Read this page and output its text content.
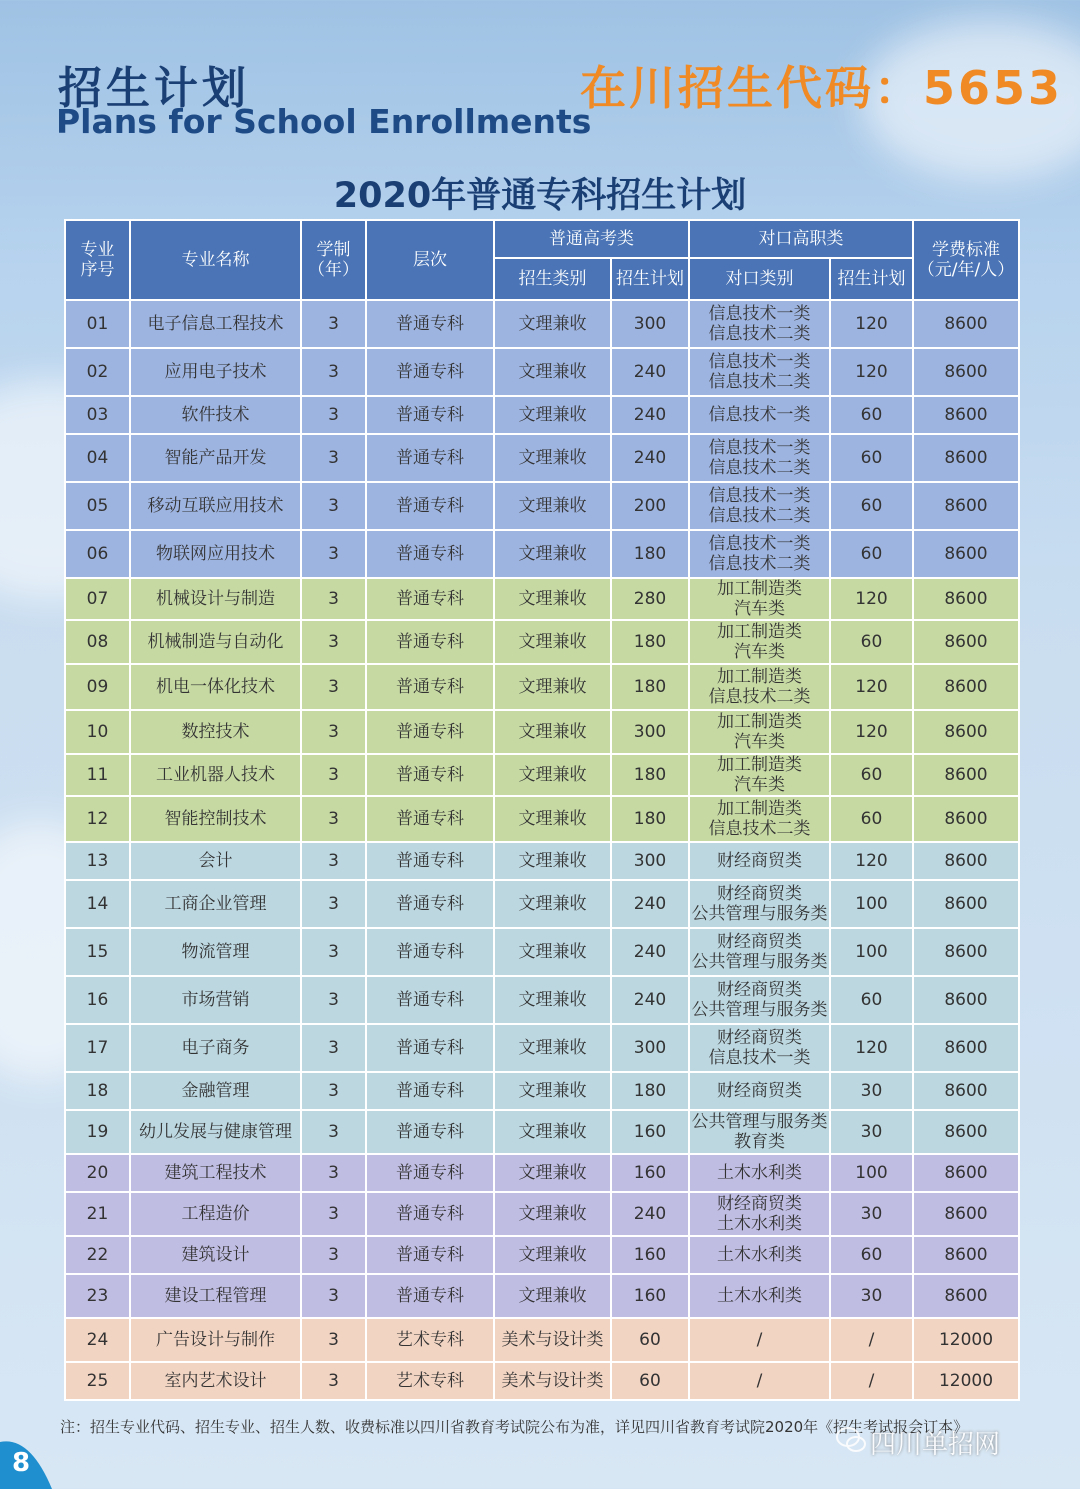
招生计划
Plans for School Enrollments
在川招生代码：5653
2020年普通专科招生计划
专业
序号	专业名称	学制
（年）	层次	普通高考类		对口高职类		学费标准
（元/年/人）

				招生类别	招生计划	对口类别	招生计划	
01	电子信息工程技术	3	普通专科	文理兼收	300	信息技术一类
信息技术二类	120	8600
02	应用电子技术	3	普通专科	文理兼收	240	信息技术一类
信息技术二类	120	8600
03	软件技术	3	普通专科	文理兼收	240	信息技术一类	60	8600
04	智能产品开发	3	普通专科	文理兼收	240	信息技术一类
信息技术二类	60	8600
05	移动互联应用技术	3	普通专科	文理兼收	200	信息技术一类
信息技术二类	60	8600
06	物联网应用技术	3	普通专科	文理兼收	180	信息技术一类
信息技术二类	60	8600
07	机械设计与制造	3	普通专科	文理兼收	280	加工制造类
汽车类	120	8600
08	机械制造与自动化	3	普通专科	文理兼收	180	加工制造类
汽车类	60	8600
09	机电一体化技术	3	普通专科	文理兼收	180	加工制造类
信息技术二类	120	8600
10	数控技术	3	普通专科	文理兼收	300	加工制造类
汽车类	120	8600
11	工业机器人技术	3	普通专科	文理兼收	180	加工制造类
汽车类	60	8600
12	智能控制技术	3	普通专科	文理兼收	180	加工制造类
信息技术二类	60	8600
13	会计	3	普通专科	文理兼收	300	财经商贸类	120	8600
14	工商企业管理	3	普通专科	文理兼收	240	财经商贸类
公共管理与服务类	100	8600
15	物流管理	3	普通专科	文理兼收	240	财经商贸类
公共管理与服务类	100	8600
16	市场营销	3	普通专科	文理兼收	240	财经商贸类
公共管理与服务类	60	8600
17	电子商务	3	普通专科	文理兼收	300	财经商贸类
信息技术一类	120	8600
18	金融管理	3	普通专科	文理兼收	180	财经商贸类	30	8600
19	幼儿发展与健康管理	3	普通专科	文理兼收	160	公共管理与服务类
教育类	30	8600
20	建筑工程技术	3	普通专科	文理兼收	160	土木水利类	100	8600
21	工程造价	3	普通专科	文理兼收	240	财经商贸类
土木水利类	30	8600
22	建筑设计	3	普通专科	文理兼收	160	土木水利类	60	8600
23	建设工程管理	3	普通专科	文理兼收	160	土木水利类	30	8600
24	广告设计与制作	3	艺术专科	美术与设计类	60	/	/	12000
25	室内艺术设计	3	艺术专科	美术与设计类	60	/	/	12000
注：招生专业代码、招生专业、招生人数、收费标准以四川省教育考试院公布为准，详见四川省教育考试院2020年《招生考试报会订本》
8
四川单招网
